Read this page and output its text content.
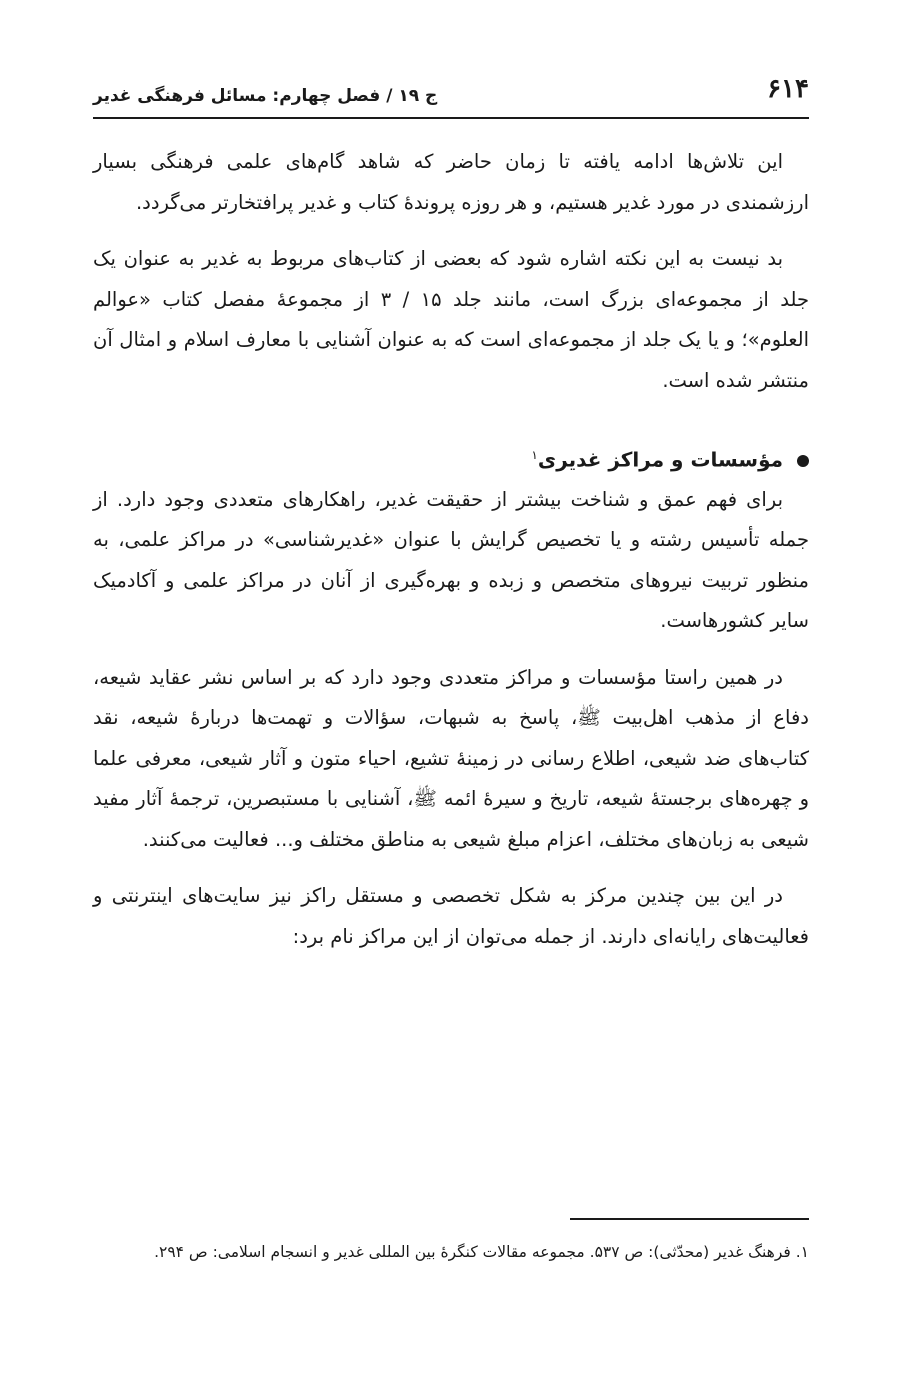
۶۱۴
ج ۱۹ / فصل چهارم: مسائل فرهنگی غدیر

این تلاش‌ها ادامه یافته تا زمان حاضر که شاهد گام‌های علمی فرهنگی بسیار ارزشمندی در مورد غدیر هستیم، و هر روزه پروندۀ کتاب و غدیر پرافتخارتر می‌گردد.

بد نیست به این نکته اشاره شود که بعضی از کتاب‌های مربوط به غدیر به عنوان یک جلد از مجموعه‌ای بزرگ است، مانند جلد ۱۵ / ۳ از مجموعۀ مفصل کتاب «عوالم العلوم»؛ و یا یک جلد از مجموعه‌ای است که به عنوان آشنایی با معارف اسلام و امثال آن منتشر شده است.

مؤسسات و مراکز غدیری$^۱$

برای فهم عمق و شناخت بیشتر از حقیقت غدیر، راهکارهای متعددی وجود دارد. از جمله تأسیس رشته و یا تخصیص گرایش با عنوان «غدیرشناسی» در مراکز علمی، به منظور تربیت نیروهای متخصص و زبده و بهره‌گیری از آنان در مراکز علمی و آکادمیک سایر کشورهاست.

در همین راستا مؤسسات و مراکز متعددی وجود دارد که بر اساس نشر عقاید شیعه، دفاع از مذهب اهل‌بیت ﷺ، پاسخ به شبهات، سؤالات و تهمت‌ها دربارۀ شیعه، نقد کتاب‌های ضد شیعی، اطلاع رسانی در زمینۀ تشیع، احیاء متون و آثار شیعی، معرفی علما و چهره‌های برجستۀ شیعه، تاریخ و سیرۀ ائمه ﷺ، آشنایی با مستبصرین، ترجمۀ آثار مفید شیعی به زبان‌های مختلف، اعزام مبلغ شیعی به مناطق مختلف و... فعالیت می‌کنند.

در این بین چندین مرکز به شکل تخصصی و مستقل راکز نیز سایت‌های اینترنتی و فعالیت‌های رایانه‌ای دارند. از جمله می‌توان از این مراکز نام برد:

۱. فرهنگ غدیر (محدّثی): ص ۵۳۷. مجموعه مقالات کنگرۀ بین المللی غدیر و انسجام اسلامی: ص ۲۹۴.
